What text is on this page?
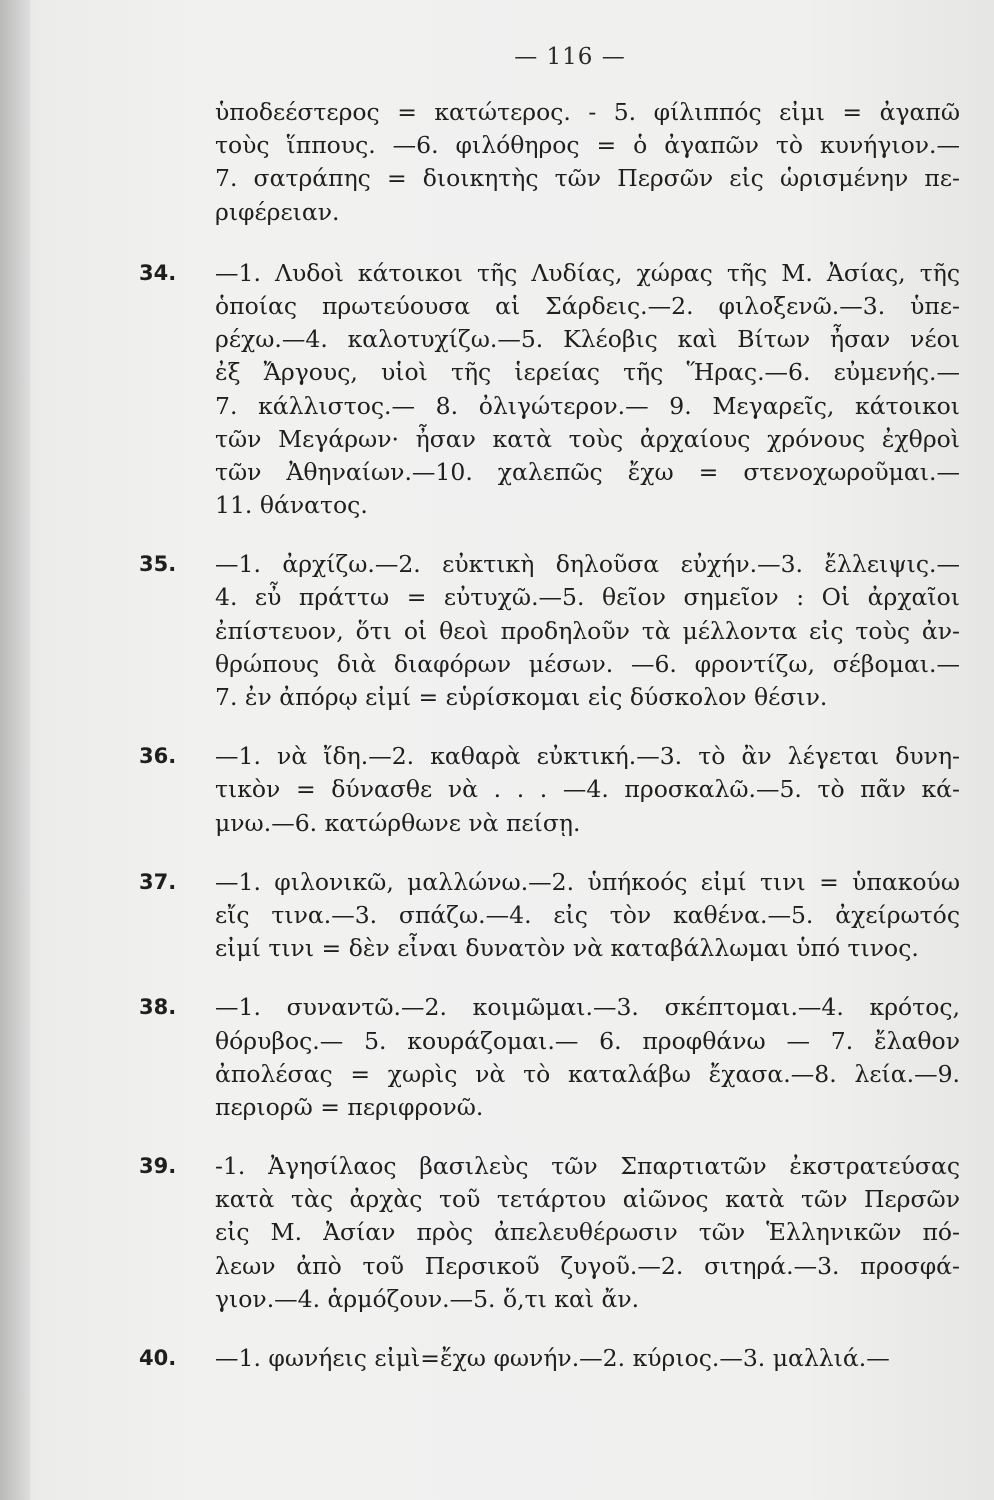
— 116 —
ὑποδεέστερος = κατώτερος. - 5. φίλιππός εἰμι = ἀγαπῶ
τοὺς ἵππους. —6. φιλόθηρος = ὁ ἀγαπῶν τὸ κυνήγιον.—
7. σατράπης = διοικητὴς τῶν Περσῶν εἰς ὡρισμένην πε-
ριφέρειαν.
34. —1. Λυδοὶ κάτοικοι τῆς Λυδίας, χώρας τῆς Μ. Ἀσίας, τῆς
ὁποίας πρωτεύουσα αἱ Σάρδεις.—2. φιλοξενῶ.—3. ὑπε-
ρέχω.—4. καλοτυχίζω.—5. Κλέοβις καὶ Βίτων ἦσαν νέοι
ἐξ Ἄργους, υἱοὶ τῆς ἱερείας τῆς Ἥρας.—6. εὐμενής.—
7. κάλλιστος.— 8. ὀλιγώτερον.— 9. Μεγαρεῖς, κάτοικοι
τῶν Μεγάρων· ἦσαν κατὰ τοὺς ἀρχαίους χρόνους ἐχθροὶ
τῶν Ἀθηναίων.—10. χαλεπῶς ἔχω = στενοχωροῦμαι.—
11. θάνατος.
35. —1. ἀρχίζω.—2. εὐκτικὴ δηλοῦσα εὐχήν.—3. ἔλλειψις.—
4. εὖ πράττω = εὐτυχῶ.—5. θεῖον σημεῖον : Οἱ ἀρχαῖοι
ἐπίστευον, ὅτι οἱ θεοὶ προδηλοῦν τὰ μέλλοντα εἰς τοὺς ἀν-
θρώπους διὰ διαφόρων μέσων. —6. φροντίζω, σέβομαι.—
7. ἐν ἀπόρῳ εἰμί = εὑρίσκομαι εἰς δύσκολον θέσιν.
36. —1. νὰ ἴδη.—2. καθαρὰ εὐκτική.—3. τὸ ἂν λέγεται δυνη-
τικὸν = δύνασθε νὰ . . . —4. προσκαλῶ.—5. τὸ πᾶν κά-
μνω.—6. κατώρθωνε νὰ πείσῃ.
37. —1. φιλονικῶ, μαλλώνω.—2. ὑπήκοός εἰμί τινι = ὑπακούω
εἴς τινα.—3. σπάζω.—4. εἰς τὸν καθένα.—5. ἀχείρωτός
εἰμί τινι = δὲν εἶναι δυνατὸν νὰ καταβάλλωμαι ὑπό τινος.
38. —1. συναντῶ.—2. κοιμῶμαι.—3. σκέπτομαι.—4. κρότος,
θόρυβος.— 5. κουράζομαι.— 6. προφθάνω — 7. ἔλαθον
ἀπολέσας = χωρὶς νὰ τὸ καταλάβω ἔχασα.—8. λεία.—9.
περιορῶ = περιφρονῶ.
39. -1. Ἀγησίλαος βασιλεὺς τῶν Σπαρτιατῶν ἐκστρατεύσας
κατὰ τὰς ἀρχὰς τοῦ τετάρτου αἰῶνος κατὰ τῶν Περσῶν
εἰς Μ. Ἀσίαν πρὸς ἀπελευθέρωσιν τῶν Ἑλληνικῶν πό-
λεων ἀπὸ τοῦ Περσικοῦ ζυγοῦ.—2. σιτηρά.—3. προσφά-
γιον.—4. ἁρμόζουν.—5. ὅ,τι καὶ ἄν.
40. —1. φωνήεις εἰμὶ=ἔχω φωνήν.—2. κύριος.—3. μαλλιά.—
